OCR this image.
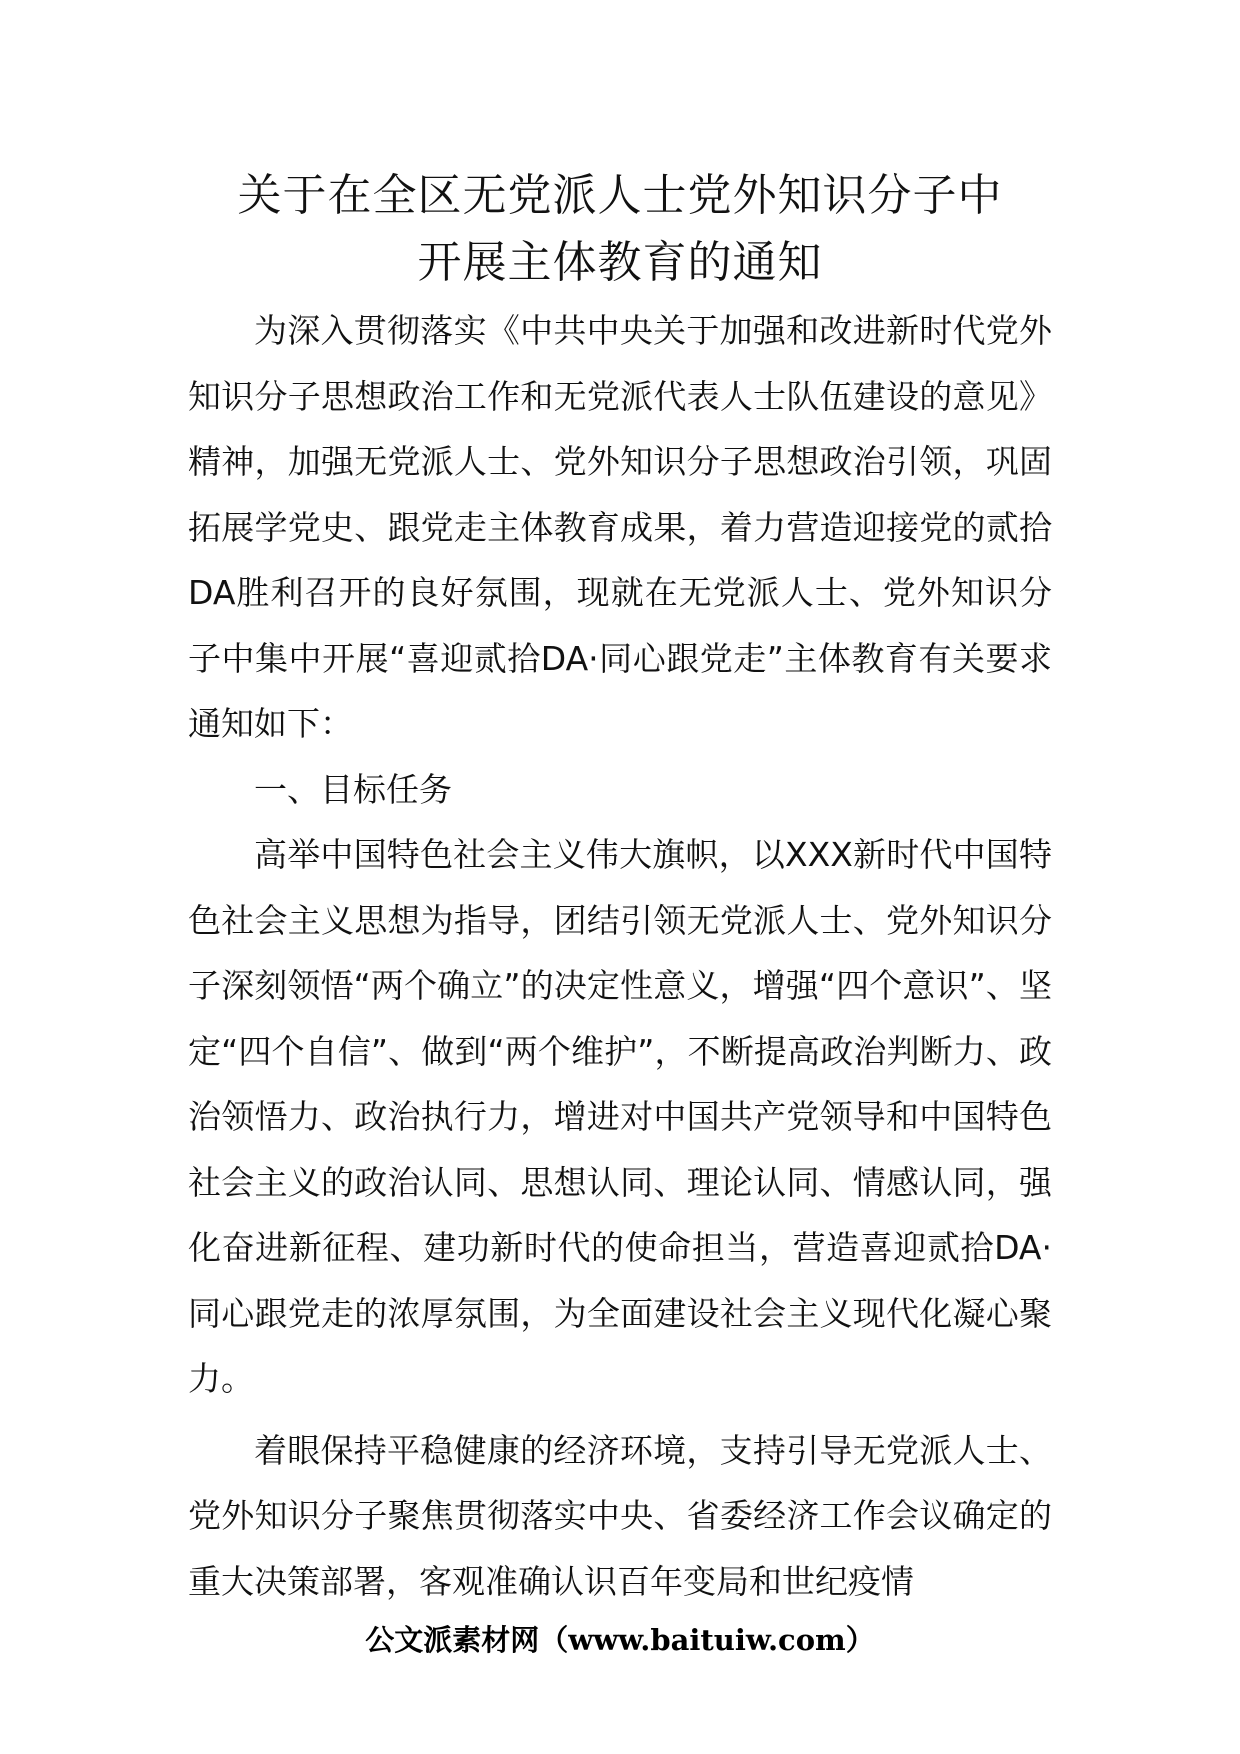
关于在全区无党派人士党外知识分子中
开展主体教育的通知

为深入贯彻落实《中共中央关于加强和改进新时代党外知识分子思想政治工作和无党派代表人士队伍建设的意见》精神，加强无党派人士、党外知识分子思想政治引领，巩固拓展学党史、跟党走主体教育成果，着力营造迎接党的贰拾DA胜利召开的良好氛围，现就在无党派人士、党外知识分子中集中开展“喜迎贰拾DA·同心跟党走”主体教育有关要求通知如下：

一、目标任务

高举中国特色社会主义伟大旗帜，以XXX新时代中国特色社会主义思想为指导，团结引领无党派人士、党外知识分子深刻领悟“两个确立”的决定性意义，增强“四个意识”、坚定“四个自信”、做到“两个维护”，不断提高政治判断力、政治领悟力、政治执行力，增进对中国共产党领导和中国特色社会主义的政治认同、思想认同、理论认同、情感认同，强化奋进新征程、建功新时代的使命担当，营造喜迎贰拾DA·同心跟党走的浓厚氛围，为全面建设社会主义现代化凝心聚力。

着眼保持平稳健康的经济环境，支持引导无党派人士、党外知识分子聚焦贯彻落实中央、省委经济工作会议确定的重大决策部署，客观准确认识百年变局和世纪疫情

公文派素材网（www.baituiw.com）
